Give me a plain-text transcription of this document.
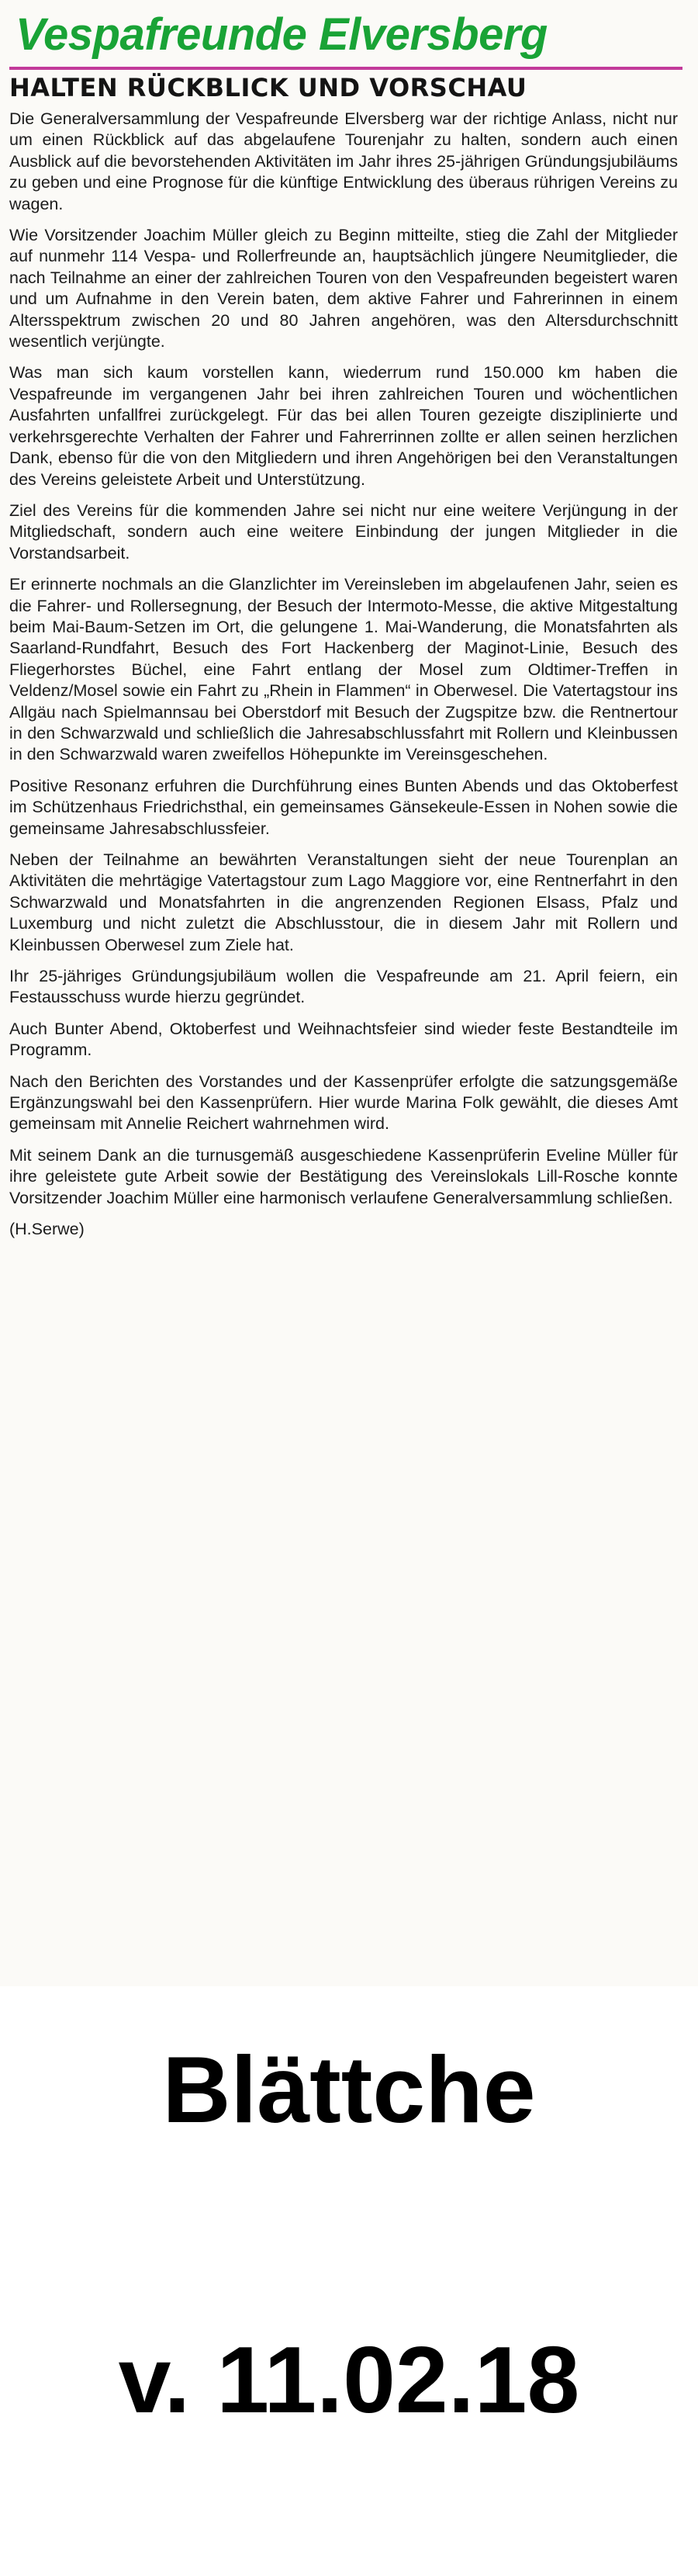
Vespafreunde Elversberg
HALTEN RÜCKBLICK UND VORSCHAU

Die Generalversammlung der Vespafreunde Elversberg war der richtige Anlass, nicht nur um einen Rückblick auf das abgelaufene Tourenjahr zu halten, sondern auch einen Ausblick auf die bevorstehenden Aktivitäten im Jahr ihres 25-jährigen Gründungsjubiläums zu geben und eine Prognose für die künftige Entwicklung des überaus rührigen Vereins zu wagen.

Wie Vorsitzender Joachim Müller gleich zu Beginn mitteilte, stieg die Zahl der Mitglieder auf nunmehr 114 Vespa- und Rollerfreunde an, hauptsächlich jüngere Neumitglieder, die nach Teilnahme an einer der zahlreichen Touren von den Vespafreunden begeistert waren und um Aufnahme in den Verein baten, dem aktive Fahrer und Fahrerinnen in einem Altersspektrum zwischen 20 und 80 Jahren angehören, was den Altersdurchschnitt wesentlich verjüngte.

Was man sich kaum vorstellen kann, wiederrum rund 150.000 km haben die Vespafreunde im vergangenen Jahr bei ihren zahlreichen Touren und wöchentlichen Ausfahrten unfallfrei zurückgelegt. Für das bei allen Touren gezeigte disziplinierte und verkehrsgerechte Verhalten der Fahrer und Fahrerrinnen zollte er allen seinen herzlichen Dank, ebenso für die von den Mitgliedern und ihren Angehörigen bei den Veranstaltungen des Vereins geleistete Arbeit und Unterstützung.

Ziel des Vereins für die kommenden Jahre sei nicht nur eine weitere Verjüngung in der Mitgliedschaft, sondern auch eine weitere Einbindung der jungen Mitglieder in die Vorstandsarbeit.

Er erinnerte nochmals an die Glanzlichter im Vereinsleben im abgelaufenen Jahr, seien es die Fahrer- und Rollersegnung, der Besuch der Intermoto-Messe, die aktive Mitgestaltung beim Mai-Baum-Setzen im Ort, die gelungene 1. Mai-Wanderung, die Monatsfahrten als Saarland-Rundfahrt, Besuch des Fort Hackenberg der Maginot-Linie, Besuch des Fliegerhorstes Büchel, eine Fahrt entlang der Mosel zum Oldtimer-Treffen in Veldenz/Mosel sowie ein Fahrt zu „Rhein in Flammen“ in Oberwesel. Die Vatertagstour ins Allgäu nach Spielmannsau bei Oberstdorf mit Besuch der Zugspitze bzw. die Rentnertour in den Schwarzwald und schließlich die Jahresabschlussfahrt mit Rollern und Kleinbussen in den Schwarzwald waren zweifellos Höhepunkte im Vereinsgeschehen.

Positive Resonanz erfuhren die Durchführung eines Bunten Abends und das Oktoberfest im Schützenhaus Friedrichsthal, ein gemeinsames Gänsekeule-Essen in Nohen sowie die gemeinsame Jahresabschlussfeier.

Neben der Teilnahme an bewährten Veranstaltungen sieht der neue Tourenplan an Aktivitäten die mehrtägige Vatertagstour zum Lago Maggiore vor, eine Rentnerfahrt in den Schwarzwald und Monatsfahrten in die angrenzenden Regionen Elsass, Pfalz und Luxemburg und nicht zuletzt die Abschlusstour, die in diesem Jahr mit Rollern und Kleinbussen Oberwesel zum Ziele hat.

Ihr 25-jähriges Gründungsjubiläum wollen die Vespafreunde am 21. April feiern, ein Festausschuss wurde hierzu gegründet.

Auch Bunter Abend, Oktoberfest und Weihnachtsfeier sind wieder feste Bestandteile im Programm.

Nach den Berichten des Vorstandes und der Kassenprüfer erfolgte die satzungsgemäße Ergänzungswahl bei den Kassenprüfern. Hier wurde Marina Folk gewählt, die dieses Amt gemeinsam mit Annelie Reichert wahrnehmen wird.

Mit seinem Dank an die turnusgemäß ausgeschiedene Kassenprüferin Eveline Müller für ihre geleistete gute Arbeit sowie der Bestätigung des Vereinslokals Lill-Rosche konnte Vorsitzender Joachim Müller eine harmonisch verlaufene Generalversammlung schließen.

(H.Serwe)

Blättche
v. 11.02.18
